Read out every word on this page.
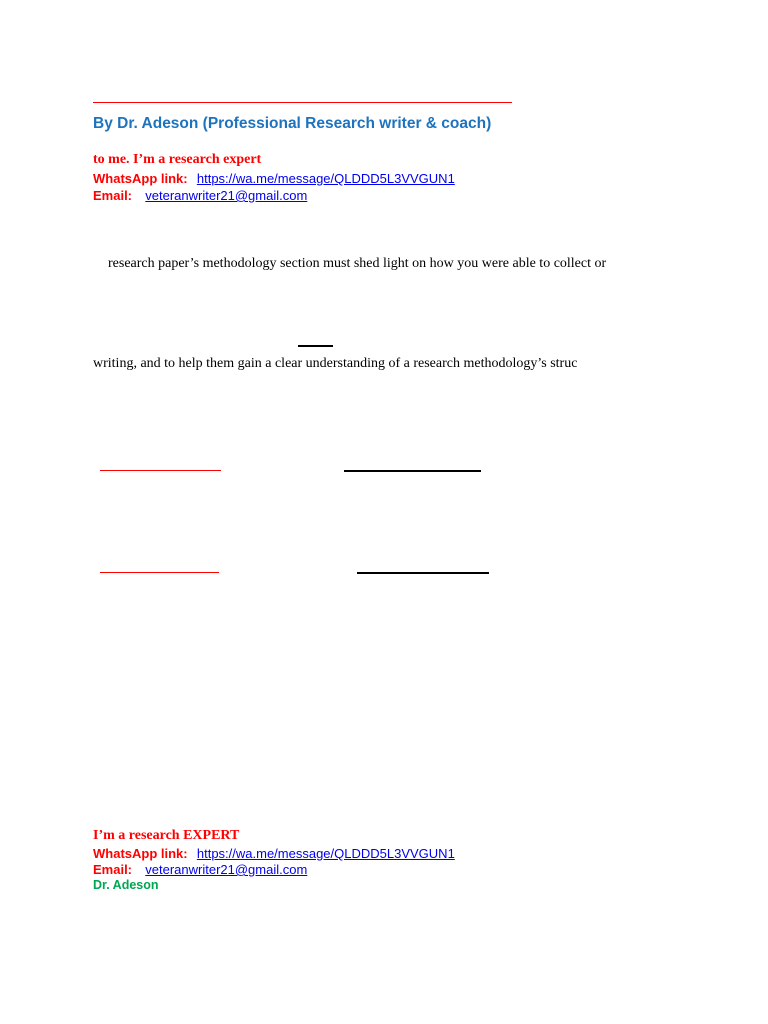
By Dr. Adeson (Professional Research writer & coach)
to me. I’m a research expert
WhatsApp link: https://wa.me/message/QLDDD5L3VVGUN1
Email: veteranwriter21@gmail.com
research paper’s methodology section must shed light on how you were able to collect or
writing, and to help them gain a clear understanding of a research methodology’s struc
I’m a research EXPERT
WhatsApp link: https://wa.me/message/QLDDD5L3VVGUN1
Email: veteranwriter21@gmail.com
Dr. Adeson
